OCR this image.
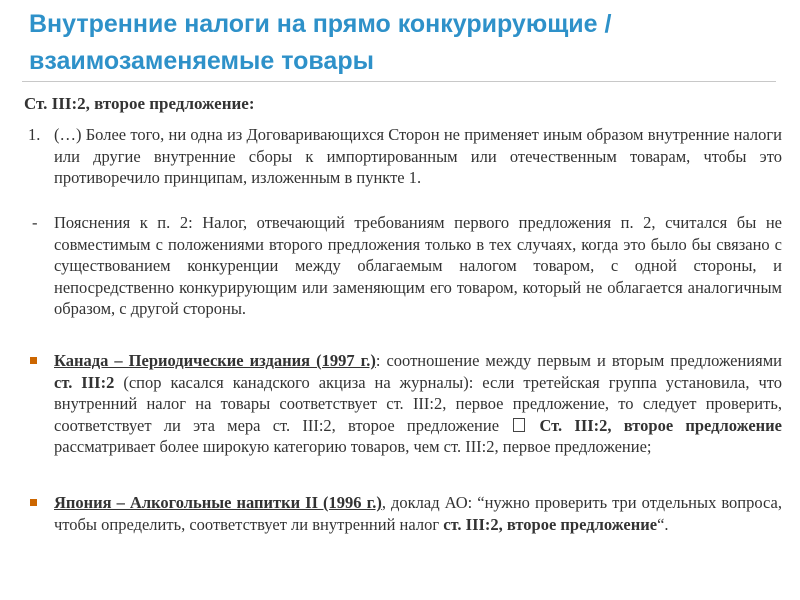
Внутренние налоги на прямо конкурирующие / взаимозаменяемые товары
Ст. III:2, второе предложение:
1. (…) Более того, ни одна из Договаривающихся Сторон не применяет иным образом внутренние налоги или другие внутренние сборы к импортированным или отечественным товарам, чтобы это противоречило принципам, изложенным в пункте 1.
- Пояснения к п. 2: Налог, отвечающий требованиям первого предложения п. 2, считался бы не совместимым с положениями второго предложения только в тех случаях, когда это было бы связано с существованием конкуренции между облагаемым налогом товаром, с одной стороны, и непосредственно конкурирующим или заменяющим его товаром, который не облагается аналогичным образом, с другой стороны.
Канада – Периодические издания (1997 г.): соотношение между первым и вторым предложениями ст. III:2 (спор касался канадского акциза на журналы): если третейская группа установила, что внутренний налог на товары соответствует ст. III:2, первое предложение, то следует проверить, соответствует ли эта мера ст. III:2, второе предложение  Ст. III:2, второе предложение рассматривает более широкую категорию товаров, чем ст. III:2, первое предложение;
Япония – Алкогольные напитки II (1996 г.), доклад АО: “нужно проверить три отдельных вопроса, чтобы определить, соответствует ли внутренний налог ст. III:2, второе предложение“.
